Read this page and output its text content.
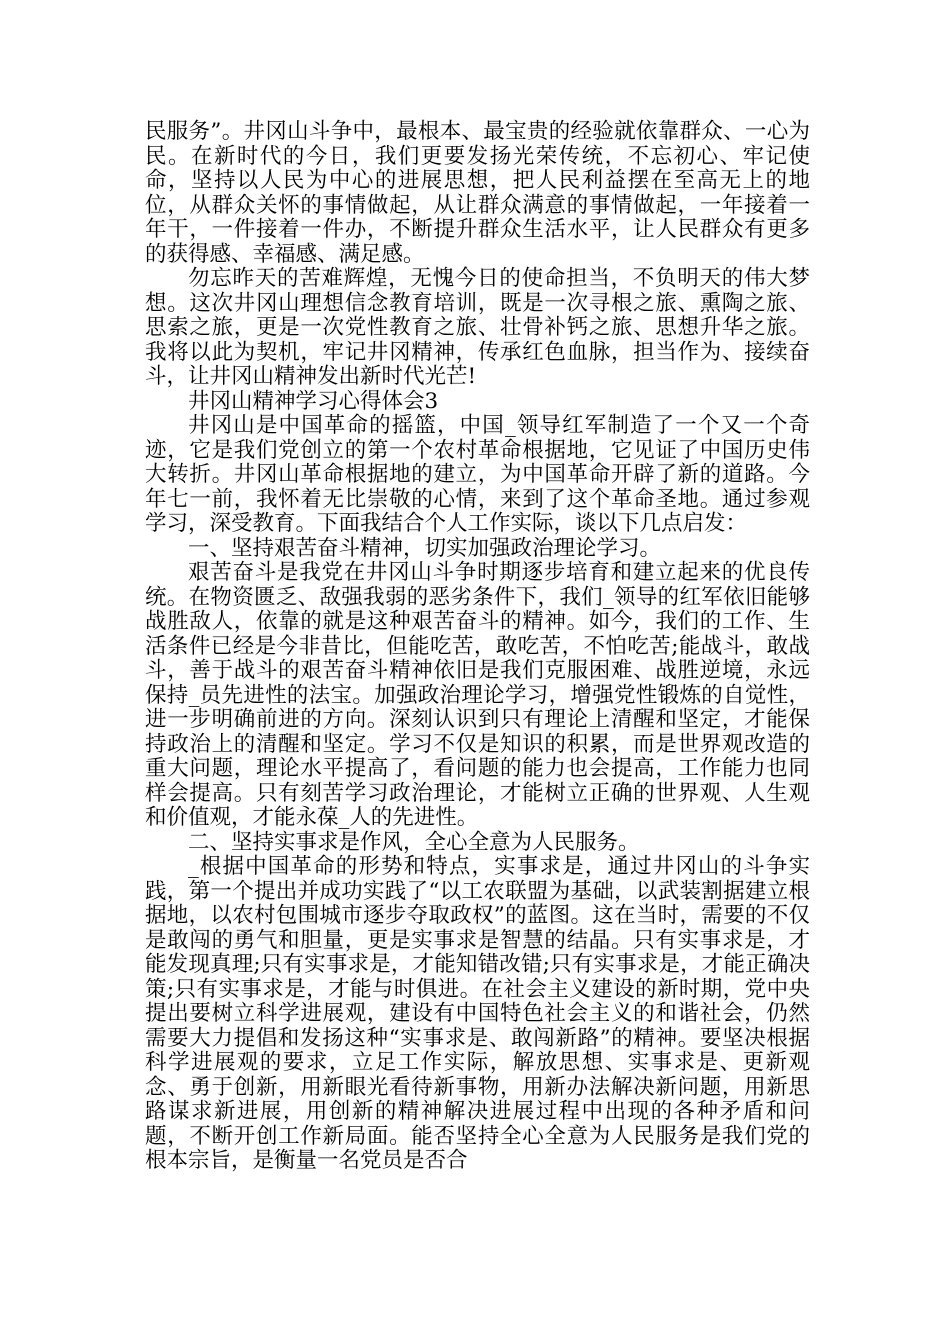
民服务”。井冈山斗争中，最根本、最宝贵的经验就依靠群众、一心为民。在新时代的今日，我们更要发扬光荣传统，不忘初心、牢记使命，坚持以人民为中心的进展思想，把人民利益摆在至高无上的地位，从群众关怀的事情做起，从让群众满意的事情做起，一年接着一年干，一件接着一件办，不断提升群众生活水平，让人民群众有更多的获得感、幸福感、满足感。

勿忘昨天的苦难辉煌，无愧今日的使命担当，不负明天的伟大梦想。这次井冈山理想信念教育培训，既是一次寻根之旅、熏陶之旅、思索之旅，更是一次党性教育之旅、壮骨补钙之旅、思想升华之旅。我将以此为契机，牢记井冈精神，传承红色血脉，担当作为、接续奋斗，让井冈山精神发出新时代光芒!

井冈山精神学习心得体会3

井冈山是中国革命的摇篮，中国_领导红军制造了一个又一个奇迹，它是我们党创立的第一个农村革命根据地，它见证了中国历史伟大转折。井冈山革命根据地的建立，为中国革命开辟了新的道路。今年七一前，我怀着无比崇敬的心情，来到了这个革命圣地。通过参观学习，深受教育。下面我结合个人工作实际，谈以下几点启发：

一、坚持艰苦奋斗精神，切实加强政治理论学习。

艰苦奋斗是我党在井冈山斗争时期逐步培育和建立起来的优良传统。在物资匮乏、敌强我弱的恶劣条件下，我们_领导的红军依旧能够战胜敌人，依靠的就是这种艰苦奋斗的精神。如今，我们的工作、生活条件已经是今非昔比，但能吃苦，敢吃苦，不怕吃苦;能战斗，敢战斗，善于战斗的艰苦奋斗精神依旧是我们克服困难、战胜逆境，永远保持_员先进性的法宝。加强政治理论学习，增强党性锻炼的自觉性，进一步明确前进的方向。深刻认识到只有理论上清醒和坚定，才能保持政治上的清醒和坚定。学习不仅是知识的积累，而是世界观改造的重大问题，理论水平提高了，看问题的能力也会提高，工作能力也同样会提高。只有刻苦学习政治理论，才能树立正确的世界观、人生观和价值观，才能永葆_人的先进性。

二、坚持实事求是作风，全心全意为人民服务。

_根据中国革命的形势和特点，实事求是，通过井冈山的斗争实践，第一个提出并成功实践了“以工农联盟为基础，以武装割据建立根据地，以农村包围城市逐步夺取政权”的蓝图。这在当时，需要的不仅是敢闯的勇气和胆量，更是实事求是智慧的结晶。只有实事求是，才能发现真理;只有实事求是，才能知错改错;只有实事求是，才能正确决策;只有实事求是，才能与时俱进。在社会主义建设的新时期，党中央提出要树立科学进展观，建设有中国特色社会主义的和谐社会，仍然需要大力提倡和发扬这种“实事求是、敢闯新路”的精神。要坚决根据科学进展观的要求，立足工作实际，解放思想、实事求是、更新观念、勇于创新，用新眼光看待新事物，用新办法解决新问题，用新思路谋求新进展，用创新的精神解决进展过程中出现的各种矛盾和问题，不断开创工作新局面。能否坚持全心全意为人民服务是我们党的根本宗旨，是衡量一名党员是否合
